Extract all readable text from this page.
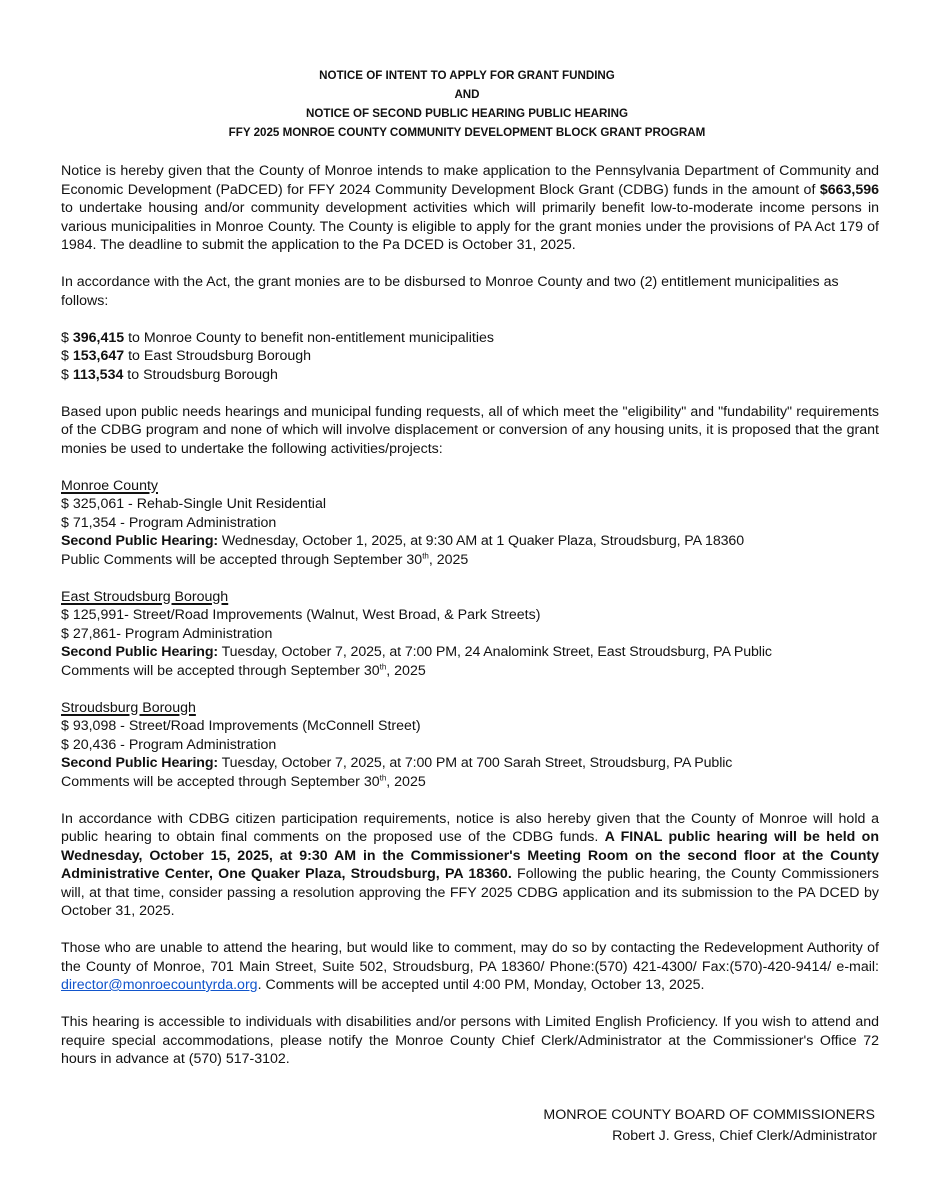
NOTICE OF INTENT TO APPLY FOR GRANT FUNDING
AND
NOTICE OF SECOND PUBLIC HEARING PUBLIC HEARING
FFY 2025 MONROE COUNTY COMMUNITY DEVELOPMENT BLOCK GRANT PROGRAM

Notice is hereby given that the County of Monroe intends to make application to the Pennsylvania Department of Community and Economic Development (PaDCED) for FFY 2024 Community Development Block Grant (CDBG) funds in the amount of $663,596 to undertake housing and/or community development activities which will primarily benefit low-to-moderate income persons in various municipalities in Monroe County. The County is eligible to apply for the grant monies under the provisions of PA Act 179 of 1984. The deadline to submit the application to the Pa DCED is October 31, 2025.

In accordance with the Act, the grant monies are to be disbursed to Monroe County and two (2) entitlement municipalities as follows:

$ 396,415 to Monroe County to benefit non-entitlement municipalities

$ 153,647 to East Stroudsburg Borough

$ 113,534 to Stroudsburg Borough

Based upon public needs hearings and municipal funding requests, all of which meet the "eligibility" and "fundability" requirements of the CDBG program and none of which will involve displacement or conversion of any housing units, it is proposed that the grant monies be used to undertake the following activities/projects:

Monroe County

$ 325,061 - Rehab-Single Unit Residential

$ 71,354 - Program Administration

Second Public Hearing: Wednesday, October 1, 2025, at 9:30 AM at 1 Quaker Plaza, Stroudsburg, PA 18360

Public Comments will be accepted through September 30th, 2025

East Stroudsburg Borough

$ 125,991- Street/Road Improvements (Walnut, West Broad, & Park Streets)

$ 27,861- Program Administration

Second Public Hearing: Tuesday, October 7, 2025, at 7:00 PM, 24 Analomink Street, East Stroudsburg, PA Public

Comments will be accepted through September 30th, 2025

Stroudsburg Borough

$ 93,098 - Street/Road Improvements (McConnell Street)

$ 20,436 - Program Administration

Second Public Hearing: Tuesday, October 7, 2025, at 7:00 PM at 700 Sarah Street, Stroudsburg, PA Public

Comments will be accepted through September 30th, 2025

In accordance with CDBG citizen participation requirements, notice is also hereby given that the County of Monroe will hold a public hearing to obtain final comments on the proposed use of the CDBG funds. A FINAL public hearing will be held on Wednesday, October 15, 2025, at 9:30 AM in the Commissioner's Meeting Room on the second floor at the County Administrative Center, One Quaker Plaza, Stroudsburg, PA 18360. Following the public hearing, the County Commissioners will, at that time, consider passing a resolution approving the FFY 2025 CDBG application and its submission to the PA DCED by October 31, 2025.

Those who are unable to attend the hearing, but would like to comment, may do so by contacting the Redevelopment Authority of the County of Monroe, 701 Main Street, Suite 502, Stroudsburg, PA 18360/ Phone:(570) 421-4300/ Fax:(570)-420-9414/ e-mail: director@monroecountyrda.org. Comments will be accepted until 4:00 PM, Monday, October 13, 2025.

This hearing is accessible to individuals with disabilities and/or persons with Limited English Proficiency. If you wish to attend and require special accommodations, please notify the Monroe County Chief Clerk/Administrator at the Commissioner's Office 72 hours in advance at (570) 517-3102.

MONROE COUNTY BOARD OF COMMISSIONERS
Robert J. Gress, Chief Clerk/Administrator
